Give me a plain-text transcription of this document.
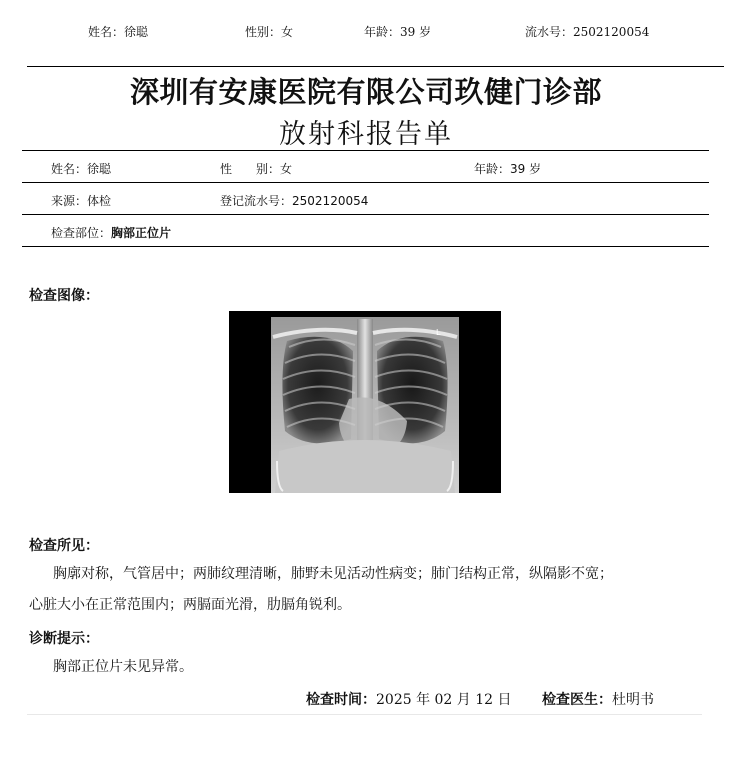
姓名：徐聪	性别：女	年龄：39 岁	流水号：2502120054
深圳有安康医院有限公司玖健门诊部
放射科报告单
姓名：徐聪	性　　别：女	年龄：39 岁
来源：体检	登记流水号：2502120054
检查部位：胸部正位片
检查图像：
L
检查所见：
胸廓对称，气管居中；两肺纹理清晰，肺野未见活动性病变；肺门结构正常，纵隔影不宽；
心脏大小在正常范围内；两膈面光滑，肋膈角锐利。
诊断提示：
胸部正位片未见异常。
检查时间：2025 年 02 月 12 日 检查医生：杜明书
